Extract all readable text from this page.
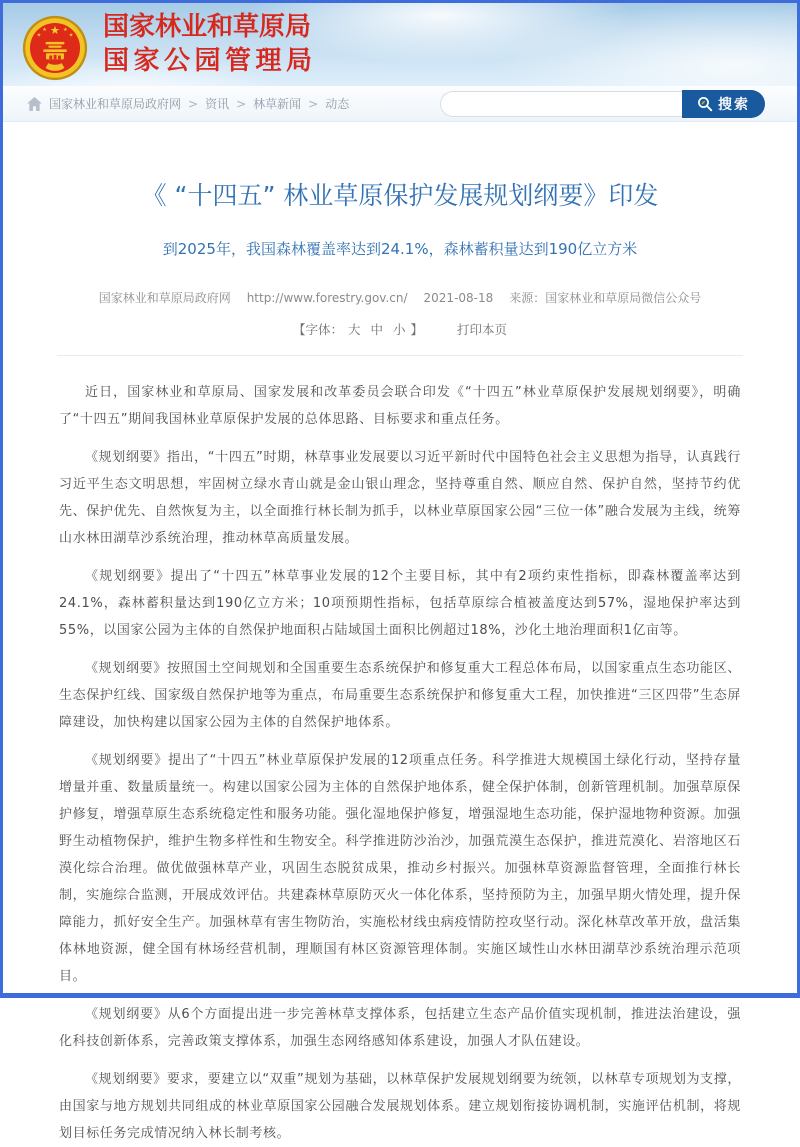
★
★	★
★	★ 国家林业和草原局
国家公园管理局
国家林业和草原局政府网 > 资讯 > 林草新闻 > 动态	搜索
《 “十四五” 林业草原保护发展规划纲要》印发
到2025年，我国森林覆盖率达到24.1%，森林蓄积量达到190亿立方米
国家林业和草原局政府网 http://www.forestry.gov.cn/ 2021-08-18 来源：国家林业和草原局微信公众号
【字体： 大 中 小 】	打印本页

近日，国家林业和草原局、国家发展和改革委员会联合印发《“十四五”林业草原保护发展规划纲要》，明确了“十四五”期间我国林业草原保护发展的总体思路、目标要求和重点任务。

《规划纲要》指出，“十四五”时期，林草事业发展要以习近平新时代中国特色社会主义思想为指导，认真践行习近平生态文明思想，牢固树立绿水青山就是金山银山理念，坚持尊重自然、顺应自然、保护自然，坚持节约优先、保护优先、自然恢复为主，以全面推行林长制为抓手，以林业草原国家公园“三位一体”融合发展为主线，统筹山水林田湖草沙系统治理，推动林草高质量发展。

《规划纲要》提出了“十四五”林草事业发展的12个主要目标，其中有2项约束性指标，即森林覆盖率达到24.1%，森林蓄积量达到190亿立方米；10项预期性指标，包括草原综合植被盖度达到57%，湿地保护率达到55%，以国家公园为主体的自然保护地面积占陆域国土面积比例超过18%，沙化土地治理面积1亿亩等。

《规划纲要》按照国土空间规划和全国重要生态系统保护和修复重大工程总体布局，以国家重点生态功能区、生态保护红线、国家级自然保护地等为重点，布局重要生态系统保护和修复重大工程，加快推进“三区四带”生态屏障建设，加快构建以国家公园为主体的自然保护地体系。

《规划纲要》提出了“十四五”林业草原保护发展的12项重点任务。科学推进大规模国土绿化行动，坚持存量增量并重、数量质量统一。构建以国家公园为主体的自然保护地体系，健全保护体制，创新管理机制。加强草原保护修复，增强草原生态系统稳定性和服务功能。强化湿地保护修复，增强湿地生态功能，保护湿地物种资源。加强野生动植物保护，维护生物多样性和生物安全。科学推进防沙治沙，加强荒漠生态保护，推进荒漠化、岩溶地区石漠化综合治理。做优做强林草产业，巩固生态脱贫成果，推动乡村振兴。加强林草资源监督管理，全面推行林长制，实施综合监测，开展成效评估。共建森林草原防灭火一体化体系，坚持预防为主，加强早期火情处理，提升保障能力，抓好安全生产。加强林草有害生物防治，实施松材线虫病疫情防控攻坚行动。深化林草改革开放，盘活集体林地资源，健全国有林场经营机制，理顺国有林区资源管理体制。实施区域性山水林田湖草沙系统治理示范项目。

《规划纲要》从6个方面提出进一步完善林草支撑体系，包括建立生态产品价值实现机制，推进法治建设，强化科技创新体系，完善政策支撑体系，加强生态网络感知体系建设，加强人才队伍建设。

《规划纲要》要求，要建立以“双重”规划为基础，以林草保护发展规划纲要为统领，以林草专项规划为支撑，由国家与地方规划共同组成的林业草原国家公园融合发展规划体系。建立规划衔接协调机制，实施评估机制，将规划目标任务完成情况纳入林长制考核。
